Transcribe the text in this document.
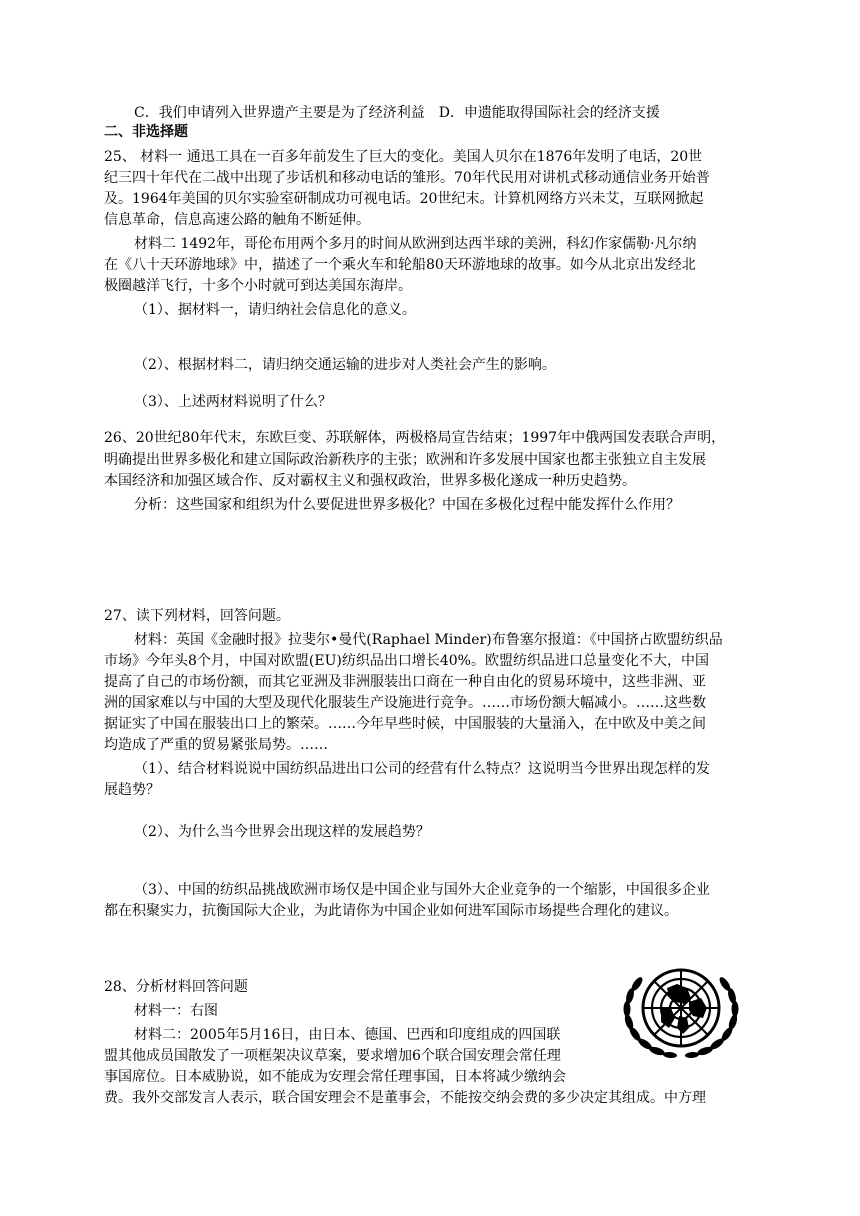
C．我们申请列入世界遗产主要是为了经济利益　D．申遗能取得国际社会的经济支援
二、非选择题
25、 材料一 通迅工具在一百多年前发生了巨大的变化。美国人贝尔在1876年发明了电话，20世
纪三四十年代在二战中出现了步话机和移动电话的雏形。70年代民用对讲机式移动通信业务开始普
及。1964年美国的贝尔实验室研制成功可视电话。20世纪末。计算机网络方兴未艾，互联网掀起
信息革命，信息高速公路的触角不断延伸。
材料二 1492年，哥伦布用两个多月的时间从欧洲到达西半球的美洲，科幻作家儒勒·凡尔纳
在《八十天环游地球》中，描述了一个乘火车和轮船80天环游地球的故事。如今从北京出发经北
极圈越洋飞行，十多个小时就可到达美国东海岸。
（1）、据材料一，请归纳社会信息化的意义。
（2）、根据材料二，请归纳交通运输的进步对人类社会产生的影响。
（3）、上述两材料说明了什么？
26、20世纪80年代末，东欧巨变、苏联解体，两极格局宣告结束；1997年中俄两国发表联合声明，
明确提出世界多极化和建立国际政治新秩序的主张；欧洲和许多发展中国家也都主张独立自主发展
本国经济和加强区域合作、反对霸权主义和强权政治，世界多极化遂成一种历史趋势。
分析：这些国家和组织为什么要促进世界多极化？中国在多极化过程中能发挥什么作用？
27、读下列材料，回答问题。
材料：英国《金融时报》拉斐尔•曼代(Raphael Minder)布鲁塞尔报道：《中国挤占欧盟纺织品
市场》今年头8个月，中国对欧盟(EU)纺织品出口增长40%。欧盟纺织品进口总量变化不大，中国
提高了自己的市场份额，而其它亚洲及非洲服装出口商在一种自由化的贸易环境中，这些非洲、亚
洲的国家难以与中国的大型及现代化服装生产设施进行竞争。……市场份额大幅减小。……这些数
据证实了中国在服装出口上的繁荣。……今年早些时候，中国服装的大量涌入，在中欧及中美之间
均造成了严重的贸易紧张局势。……
（1）、结合材料说说中国纺织品进出口公司的经营有什么特点？这说明当今世界出现怎样的发
展趋势？
（2）、为什么当今世界会出现这样的发展趋势？
（3）、中国的纺织品挑战欧洲市场仅是中国企业与国外大企业竞争的一个缩影，中国很多企业
都在积聚实力，抗衡国际大企业，为此请你为中国企业如何进军国际市场提些合理化的建议。
28、分析材料回答问题
材料一：右图
材料二：2005年5月16日，由日本、德国、巴西和印度组成的四国联
盟其他成员国散发了一项框架决议草案，要求增加6个联合国安理会常任理
事国席位。日本威胁说，如不能成为安理会常任理事国，日本将减少缴纳会
费。我外交部发言人表示，联合国安理会不是董事会，不能按交纳会费的多少决定其组成。中方理
